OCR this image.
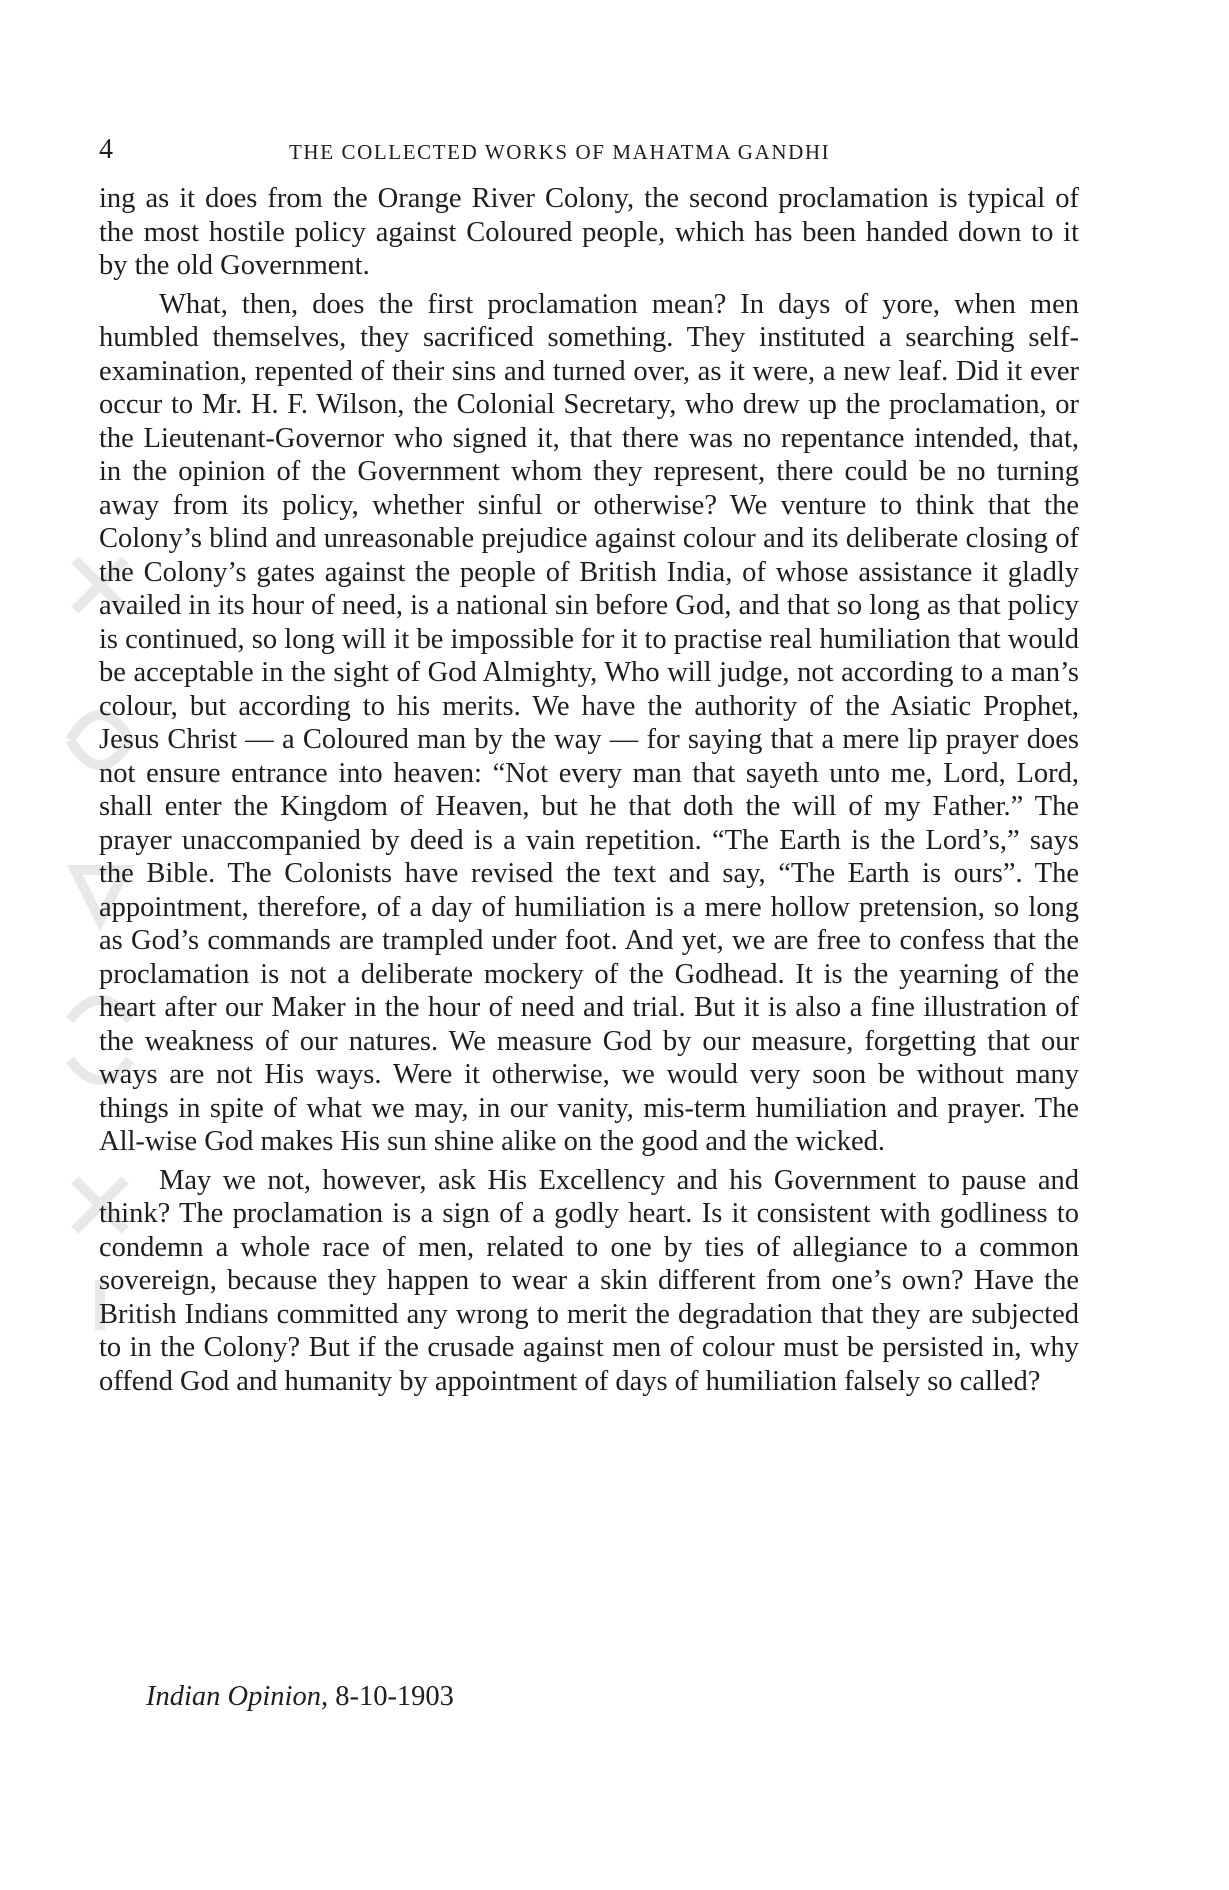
4	THE COLLECTED WORKS OF MAHATMA GANDHI

ing as it does from the Orange River Colony, the second proclamation is typical of the most hostile policy against Coloured people, which has been handed down to it by the old Government.

What, then, does the first proclamation mean? In days of yore, when men humbled themselves, they sacrificed something. They instituted a searching self-examination, repented of their sins and turned over, as it were, a new leaf. Did it ever occur to Mr. H. F. Wilson, the Colonial Secretary, who drew up the proclamation, or the Lieutenant-Governor who signed it, that there was no repentance intended, that, in the opinion of the Government whom they represent, there could be no turning away from its policy, whether sinful or otherwise? We venture to think that the Colony’s blind and unreasonable prejudice against colour and its deliberate closing of the Colony’s gates against the people of British India, of whose assistance it gladly availed in its hour of need, is a national sin before God, and that so long as that policy is continued, so long will it be impossible for it to practise real humiliation that would be acceptable in the sight of God Almighty, Who will judge, not according to a man’s colour, but according to his merits. We have the authority of the Asiatic Prophet, Jesus Christ — a Coloured man by the way — for saying that a mere lip prayer does not ensure entrance into heaven: “Not every man that sayeth unto me, Lord, Lord, shall enter the Kingdom of Heaven, but he that doth the will of my Father.” The prayer unaccompanied by deed is a vain repetition. “The Earth is the Lord’s,” says the Bible. The Colonists have revised the text and say, “The Earth is ours”. The appointment, therefore, of a day of humiliation is a mere hollow pretension, so long as God’s commands are trampled under foot. And yet, we are free to confess that the proclamation is not a deliberate mockery of the Godhead. It is the yearning of the heart after our Maker in the hour of need and trial. But it is also a fine illustration of the weakness of our natures. We measure God by our measure, forgetting that our ways are not His ways. Were it otherwise, we would very soon be without many things in spite of what we may, in our vanity, mis-term humiliation and prayer. The All-wise God makes His sun shine alike on the good and the wicked.

May we not, however, ask His Excellency and his Government to pause and think? The proclamation is a sign of a godly heart. Is it consistent with godliness to condemn a whole race of men, related to one by ties of allegiance to a common sovereign, because they happen to wear a skin different from one’s own? Have the British Indians committed any wrong to merit the degradation that they are subjected to in the Colony? But if the crusade against men of colour must be persisted in, why offend God and humanity by appointment of days of humiliation falsely so called?

Indian Opinion, 8-10-1903
